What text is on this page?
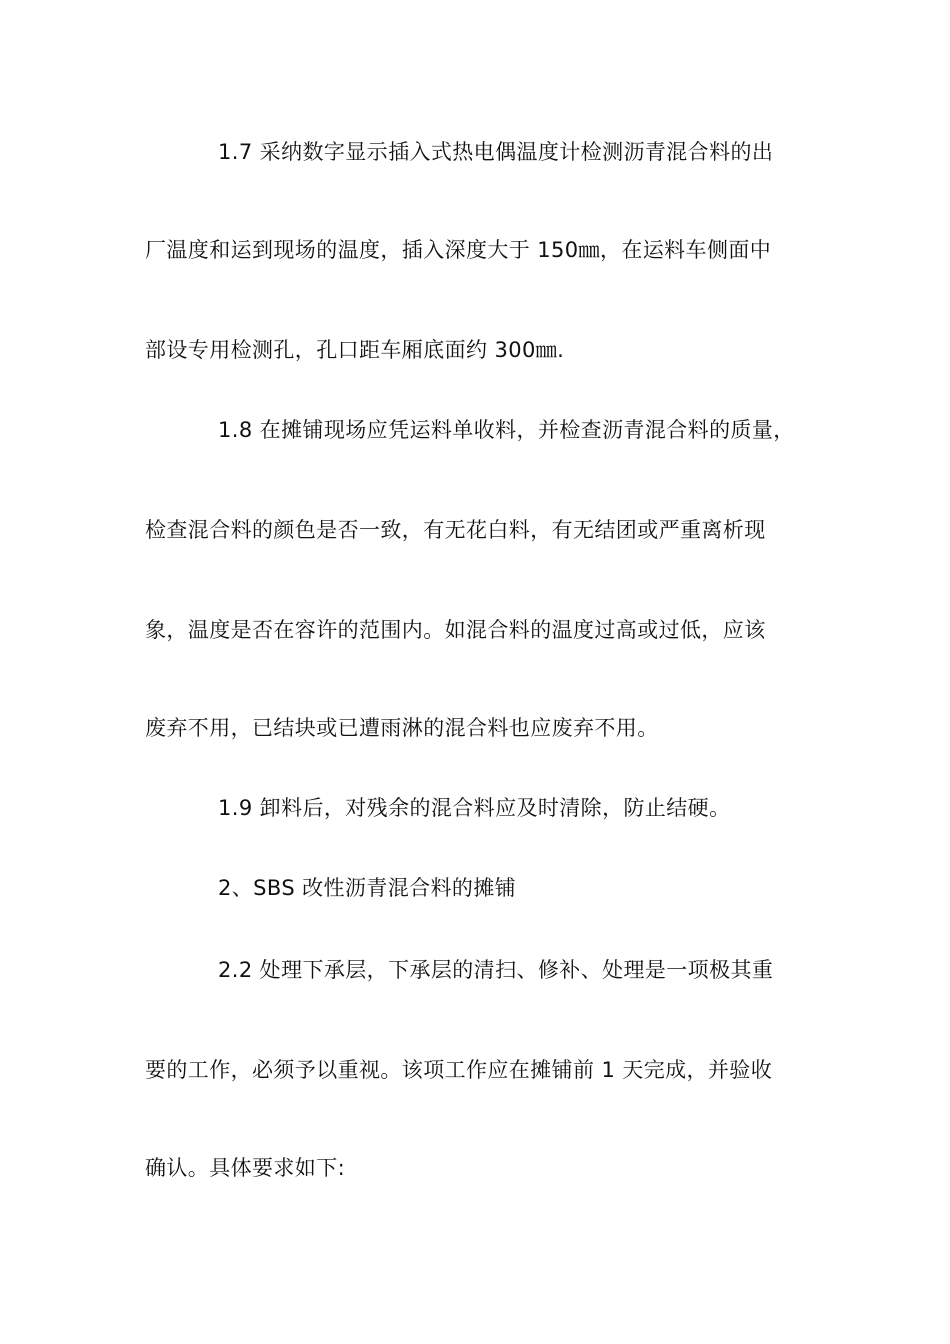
1.7 采纳数字显示插入式热电偶温度计检测沥青混合料的出
厂温度和运到现场的温度，插入深度大于 150㎜，在运料车侧面中
部设专用检测孔，孔口距车厢底面约 300㎜.
1.8 在摊铺现场应凭运料单收料，并检查沥青混合料的质量，
检查混合料的颜色是否一致，有无花白料，有无结团或严重离析现
象，温度是否在容许的范围内。如混合料的温度过高或过低，应该
废弃不用，已结块或已遭雨淋的混合料也应废弃不用。
1.9 卸料后，对残余的混合料应及时清除，防止结硬。
2、SBS 改性沥青混合料的摊铺
2.2 处理下承层，下承层的清扫、修补、处理是一项极其重
要的工作，必须予以重视。该项工作应在摊铺前 1 天完成，并验收
确认。具体要求如下:
